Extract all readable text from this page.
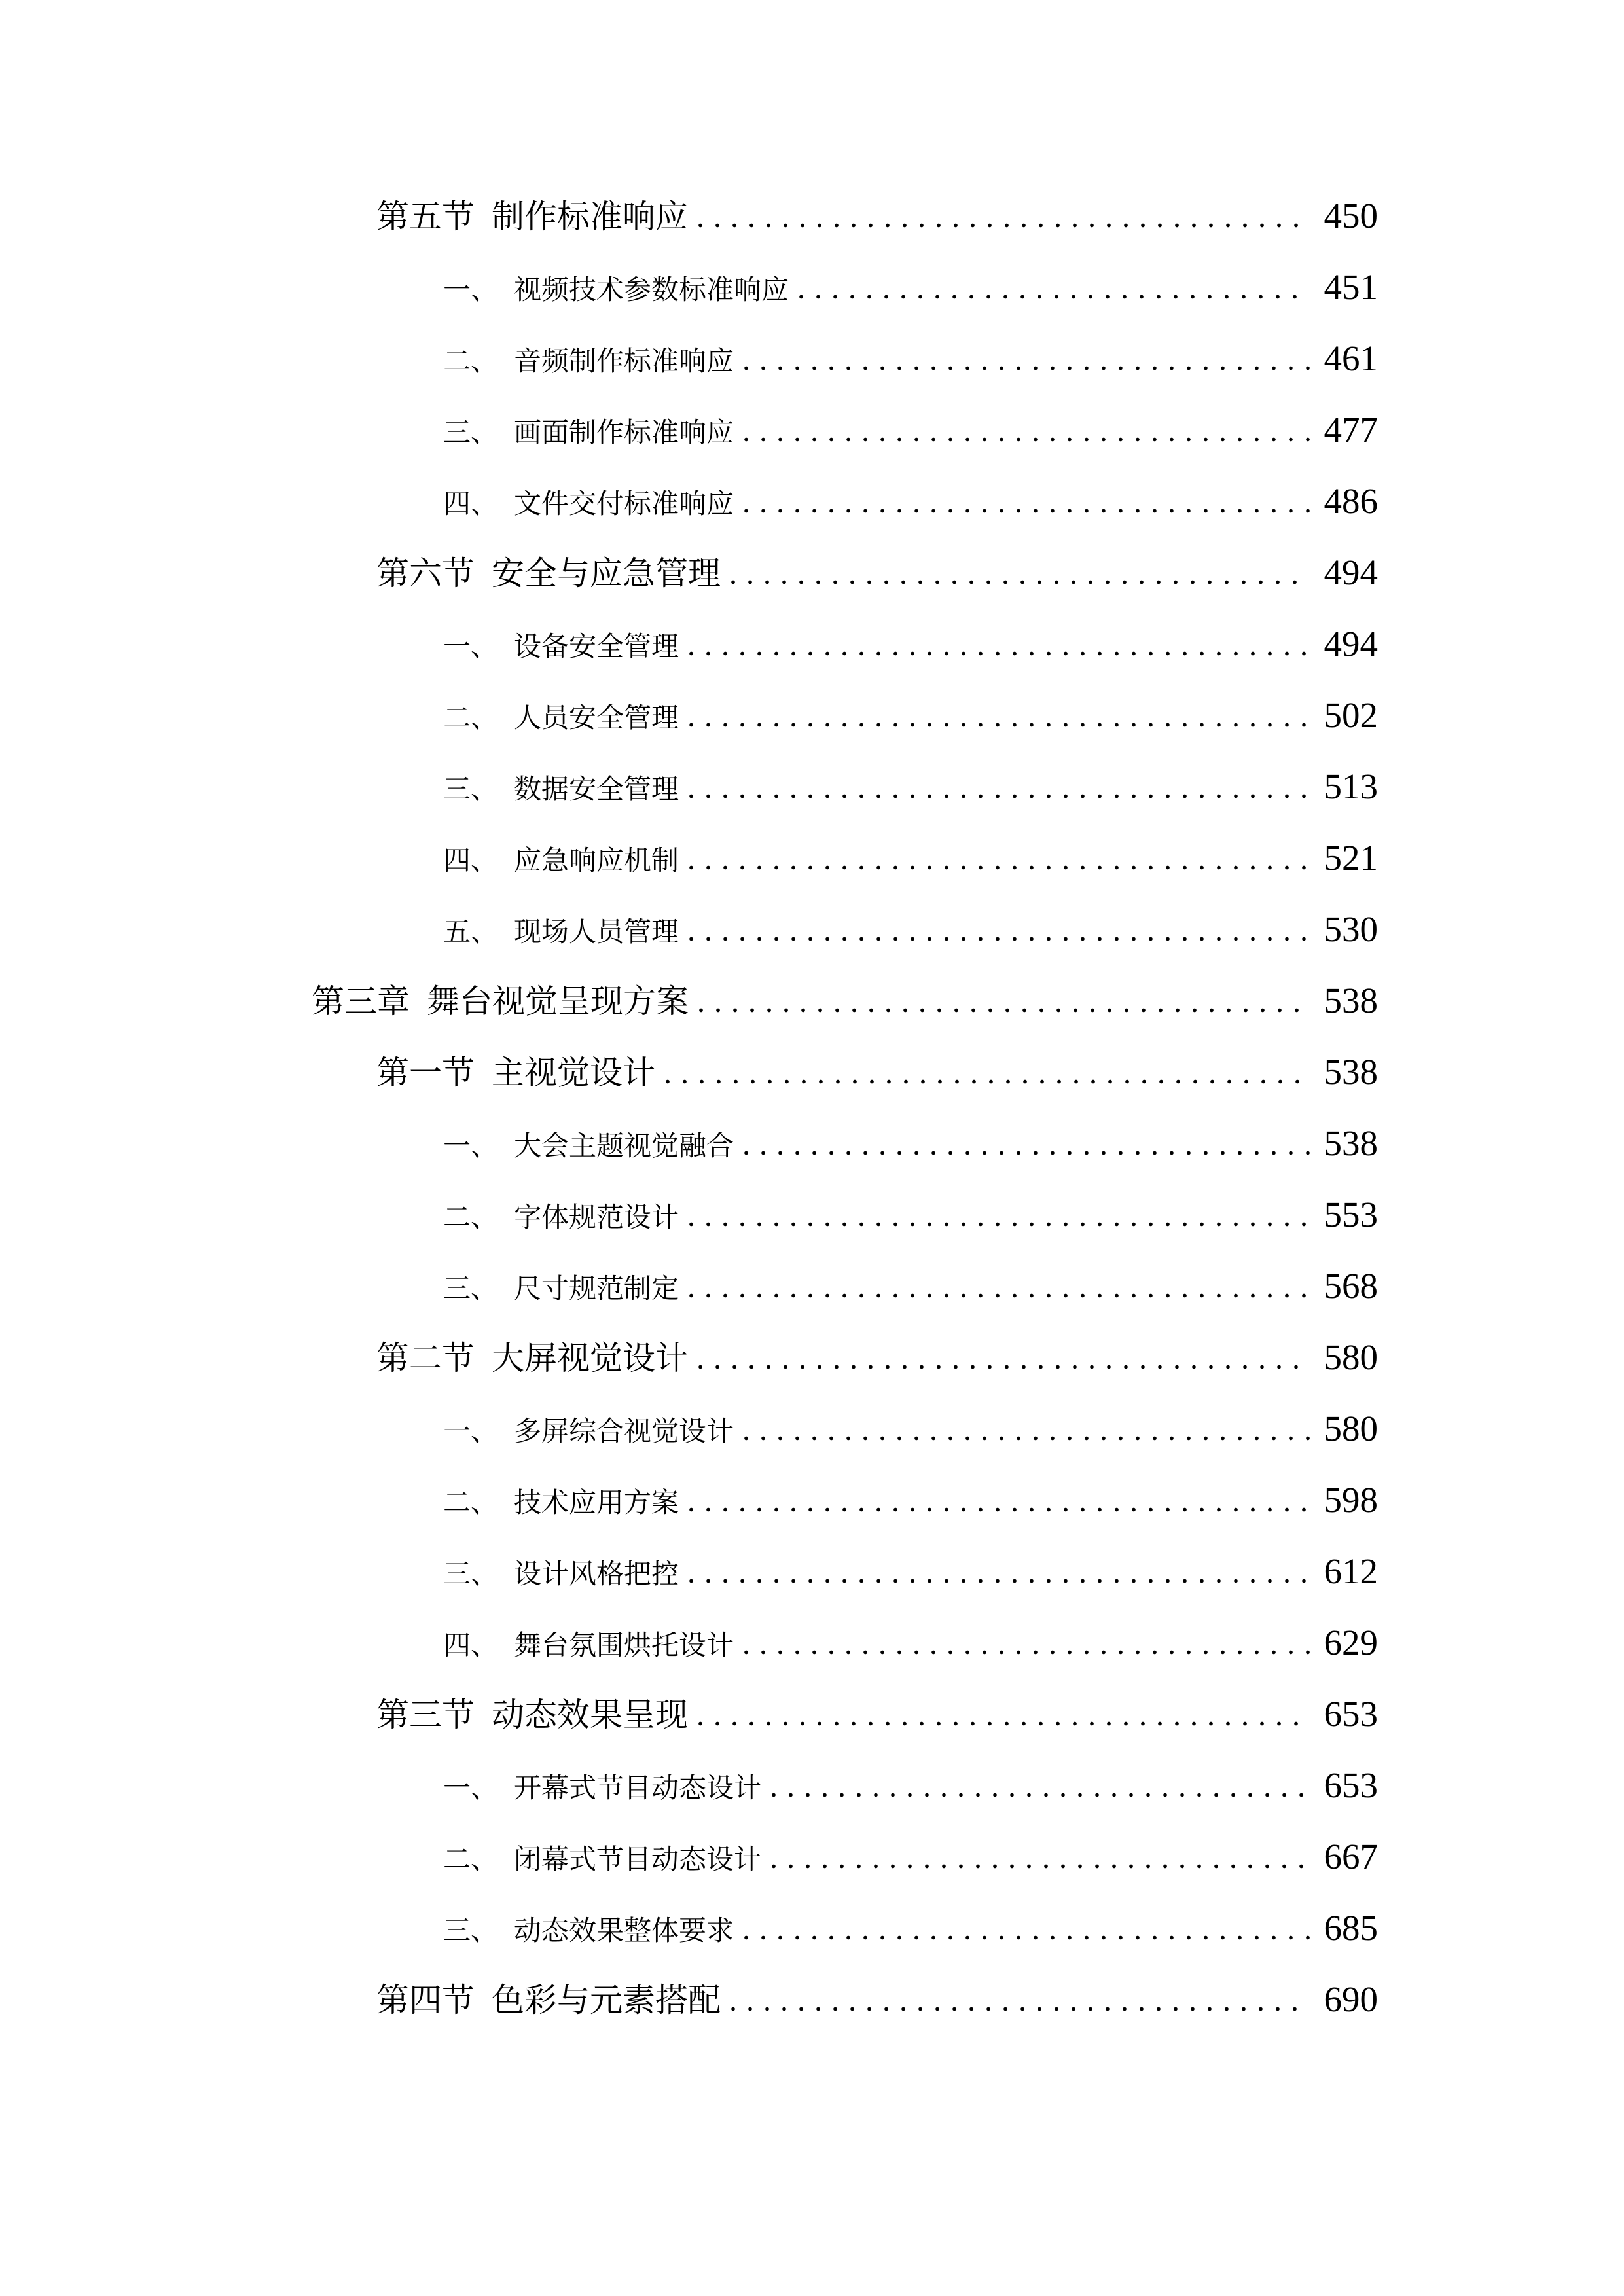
第五节 制作标准响应	450
一、 视频技术参数标准响应	451
二、 音频制作标准响应	461
三、 画面制作标准响应	477
四、 文件交付标准响应	486
第六节 安全与应急管理	494
一、 设备安全管理	494
二、 人员安全管理	502
三、 数据安全管理	513
四、 应急响应机制	521
五、 现场人员管理	530
第三章 舞台视觉呈现方案	538
第一节 主视觉设计	538
一、 大会主题视觉融合	538
二、 字体规范设计	553
三、 尺寸规范制定	568
第二节 大屏视觉设计	580
一、 多屏综合视觉设计	580
二、 技术应用方案	598
三、 设计风格把控	612
四、 舞台氛围烘托设计	629
第三节 动态效果呈现	653
一、 开幕式节目动态设计	653
二、 闭幕式节目动态设计	667
三、 动态效果整体要求	685
第四节 色彩与元素搭配	690
